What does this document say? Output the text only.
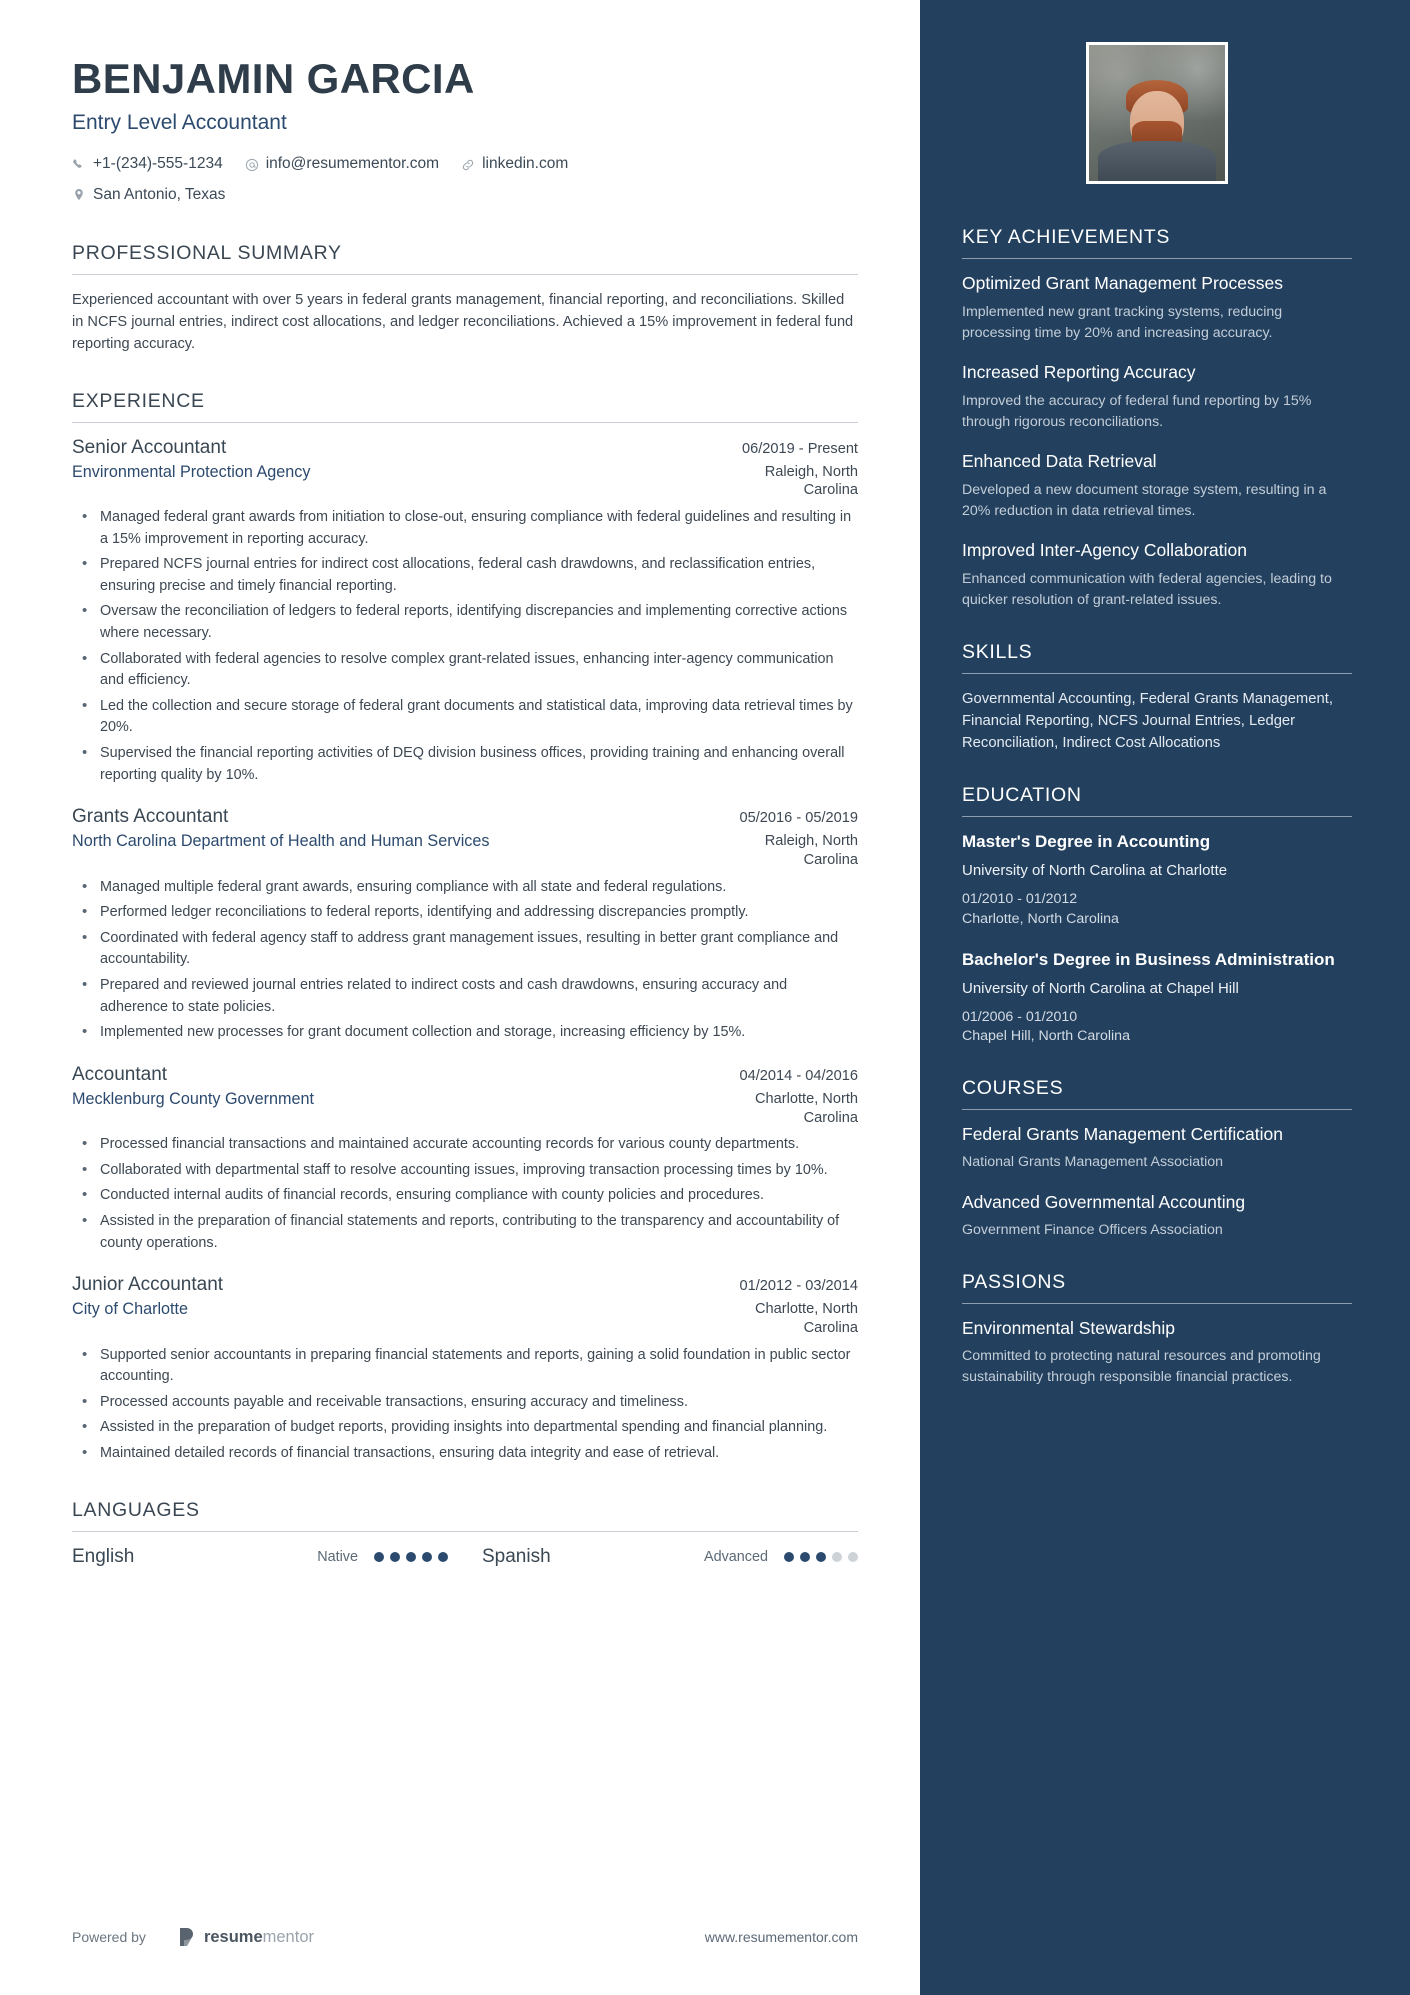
BENJAMIN GARCIA
Entry Level Accountant
+1-(234)-555-1234	info@resumementor.com	linkedin.com
San Antonio, Texas
PROFESSIONAL SUMMARY
Experienced accountant with over 5 years in federal grants management, financial reporting, and reconciliations. Skilled in NCFS journal entries, indirect cost allocations, and ledger reconciliations. Achieved a 15% improvement in federal fund reporting accuracy.
EXPERIENCE
Senior Accountant	06/2019 - Present
Environmental Protection Agency	Raleigh, North Carolina
• Managed federal grant awards from initiation to close-out, ensuring compliance with federal guidelines and resulting in a 15% improvement in reporting accuracy.
• Prepared NCFS journal entries for indirect cost allocations, federal cash drawdowns, and reclassification entries, ensuring precise and timely financial reporting.
• Oversaw the reconciliation of ledgers to federal reports, identifying discrepancies and implementing corrective actions where necessary.
• Collaborated with federal agencies to resolve complex grant-related issues, enhancing inter-agency communication and efficiency.
• Led the collection and secure storage of federal grant documents and statistical data, improving data retrieval times by 20%.
• Supervised the financial reporting activities of DEQ division business offices, providing training and enhancing overall reporting quality by 10%.
Grants Accountant	05/2016 - 05/2019
North Carolina Department of Health and Human Services	Raleigh, North Carolina
• Managed multiple federal grant awards, ensuring compliance with all state and federal regulations.
• Performed ledger reconciliations to federal reports, identifying and addressing discrepancies promptly.
• Coordinated with federal agency staff to address grant management issues, resulting in better grant compliance and accountability.
• Prepared and reviewed journal entries related to indirect costs and cash drawdowns, ensuring accuracy and adherence to state policies.
• Implemented new processes for grant document collection and storage, increasing efficiency by 15%.
Accountant	04/2014 - 04/2016
Mecklenburg County Government	Charlotte, North Carolina
• Processed financial transactions and maintained accurate accounting records for various county departments.
• Collaborated with departmental staff to resolve accounting issues, improving transaction processing times by 10%.
• Conducted internal audits of financial records, ensuring compliance with county policies and procedures.
• Assisted in the preparation of financial statements and reports, contributing to the transparency and accountability of county operations.
Junior Accountant	01/2012 - 03/2014
City of Charlotte	Charlotte, North Carolina
• Supported senior accountants in preparing financial statements and reports, gaining a solid foundation in public sector accounting.
• Processed accounts payable and receivable transactions, ensuring accuracy and timeliness.
• Assisted in the preparation of budget reports, providing insights into departmental spending and financial planning.
• Maintained detailed records of financial transactions, ensuring data integrity and ease of retrieval.
LANGUAGES
English	Native	Spanish	Advanced
Powered by	resumementor	www.resumementor.com
KEY ACHIEVEMENTS
Optimized Grant Management Processes
Implemented new grant tracking systems, reducing processing time by 20% and increasing accuracy.
Increased Reporting Accuracy
Improved the accuracy of federal fund reporting by 15% through rigorous reconciliations.
Enhanced Data Retrieval
Developed a new document storage system, resulting in a 20% reduction in data retrieval times.
Improved Inter-Agency Collaboration
Enhanced communication with federal agencies, leading to quicker resolution of grant-related issues.
SKILLS
Governmental Accounting, Federal Grants Management, Financial Reporting, NCFS Journal Entries, Ledger Reconciliation, Indirect Cost Allocations
EDUCATION
Master's Degree in Accounting
University of North Carolina at Charlotte
01/2010 - 01/2012
Charlotte, North Carolina
Bachelor's Degree in Business Administration
University of North Carolina at Chapel Hill
01/2006 - 01/2010
Chapel Hill, North Carolina
COURSES
Federal Grants Management Certification
National Grants Management Association
Advanced Governmental Accounting
Government Finance Officers Association
PASSIONS
Environmental Stewardship
Committed to protecting natural resources and promoting sustainability through responsible financial practices.
